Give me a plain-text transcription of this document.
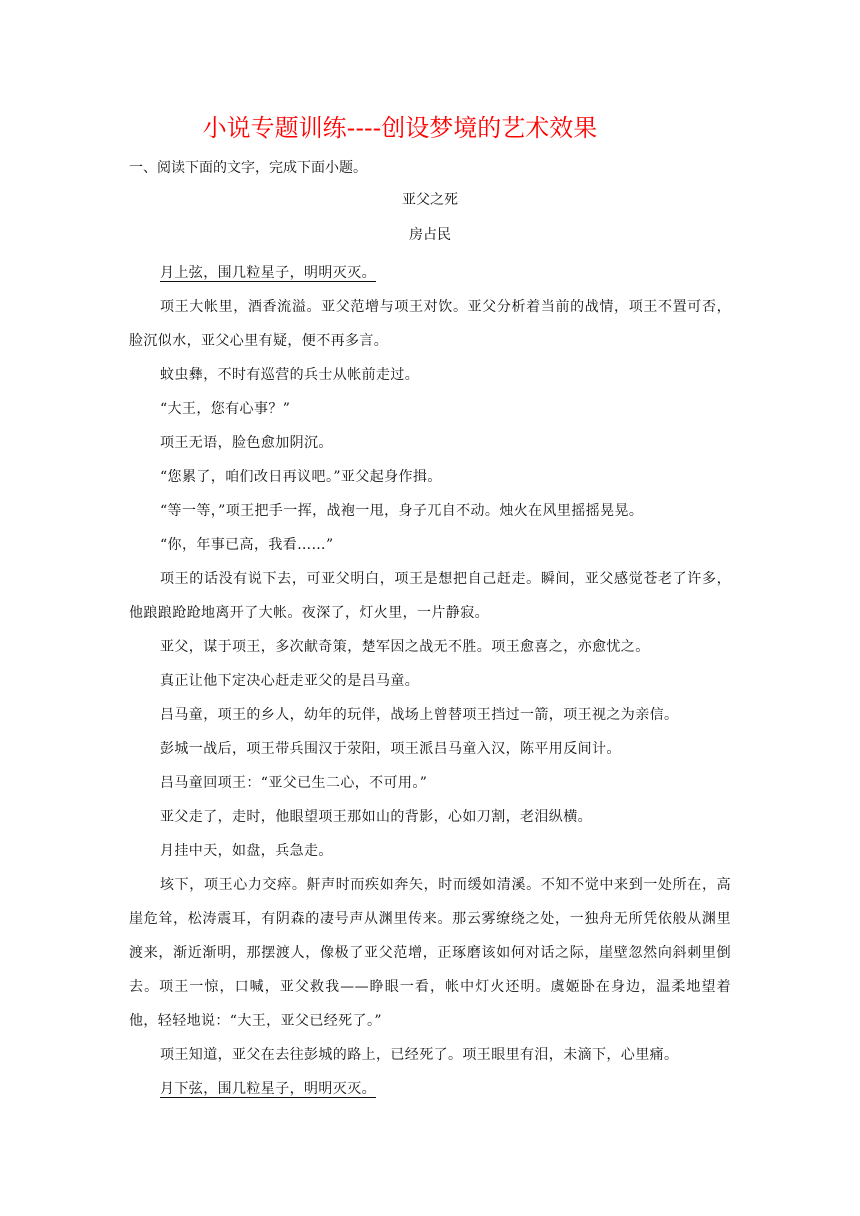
小说专题训练----创设梦境的艺术效果
一、阅读下面的文字，完成下面小题。
亚父之死
房占民

月上弦，围几粒星子，明明灭灭。

项王大帐里，酒香流溢。亚父范增与项王对饮。亚父分析着当前的战情，项王不置可否，脸沉似水，亚父心里有疑，便不再多言。

蚊虫彝，不时有巡营的兵士从帐前走过。

“大王，您有心事？”

项王无语，脸色愈加阴沉。

“您累了，咱们改日再议吧。”亚父起身作揖。

“等一等，”项王把手一挥，战袍一甩，身子兀自不动。烛火在风里摇摇晃晃。

“你，年事已高，我看……”

项王的话没有说下去，可亚父明白，项王是想把自己赶走。瞬间，亚父感觉苍老了许多，他踉踉跄跄地离开了大帐。夜深了，灯火里，一片静寂。

亚父，谋于项王，多次献奇策，楚军因之战无不胜。项王愈喜之，亦愈忧之。

真正让他下定决心赶走亚父的是吕马童。

吕马童，项王的乡人，幼年的玩伴，战场上曾替项王挡过一箭，项王视之为亲信。

彭城一战后，项王带兵围汉于荥阳，项王派吕马童入汉，陈平用反间计。

吕马童回项王：“亚父已生二心，不可用。”

亚父走了，走时，他眼望项王那如山的背影，心如刀割，老泪纵横。

月挂中天，如盘，兵急走。

垓下，项王心力交瘁。鼾声时而疾如奔矢，时而缓如清溪。不知不觉中来到一处所在，高崖危耸，松涛震耳，有阴森的凄号声从渊里传来。那云雾缭绕之处，一独舟无所凭依般从渊里渡来，渐近渐明，那摆渡人，像极了亚父范增，正琢磨该如何对话之际，崖壁忽然向斜刺里倒去。项王一惊，口喊，亚父救我——睁眼一看，帐中灯火还明。虞姬卧在身边，温柔地望着他，轻轻地说：“大王，亚父已经死了。”

项王知道，亚父在去往彭城的路上，已经死了。项王眼里有泪，未滴下，心里痛。

月下弦，围几粒星子，明明灭灭。
